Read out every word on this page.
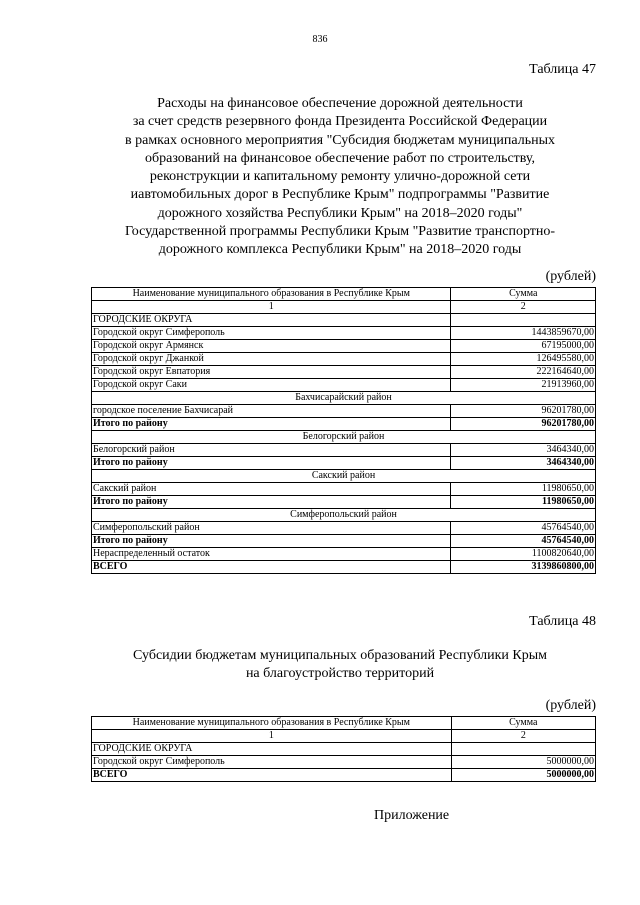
836
Таблица 47
Расходы на финансовое обеспечение дорожной деятельности
за счет средств резервного фонда Президента Российской Федерации
в рамках основного мероприятия "Субсидия бюджетам муниципальных
образований на финансовое обеспечение работ по строительству,
реконструкции и капитальному ремонту улично-дорожной сети
иавтомобильных дорог в Республике Крым" подпрограммы "Развитие
дорожного хозяйства Республики Крым" на 2018–2020 годы"
Государственной программы Республики Крым "Развитие транспортно-
дорожного комплекса Республики Крым" на 2018–2020 годы
(рублей)
Наименование муниципального образования в Республике Крым	Сумма
1	2
ГОРОДСКИЕ ОКРУГА	
Городской округ Симферополь	1443859670,00
Городской округ Армянск	67195000,00
Городской округ Джанкой	126495580,00
Городской округ Евпатория	222164640,00
Городской округ Саки	21913960,00
Бахчисарайский район	
городское поселение Бахчисарай	96201780,00
Итого по району	96201780,00
Белогорский район	
Белогорский район	3464340,00
Итого по району	3464340,00
Сакский район	
Сакский район	11980650,00
Итого по району	11980650,00
Симферопольский район	
Симферопольский район	45764540,00
Итого по району	45764540,00
Нераспределенный остаток	1100820640,00
ВСЕГО	3139860800,00
Таблица 48
Субсидии бюджетам муниципальных образований Республики Крым
на благоустройство территорий
(рублей)
Наименование муниципального образования в Республике Крым	Сумма
1	2
ГОРОДСКИЕ ОКРУГА	
Городской округ Симферополь	5000000,00
ВСЕГО	5000000,00
Приложение
